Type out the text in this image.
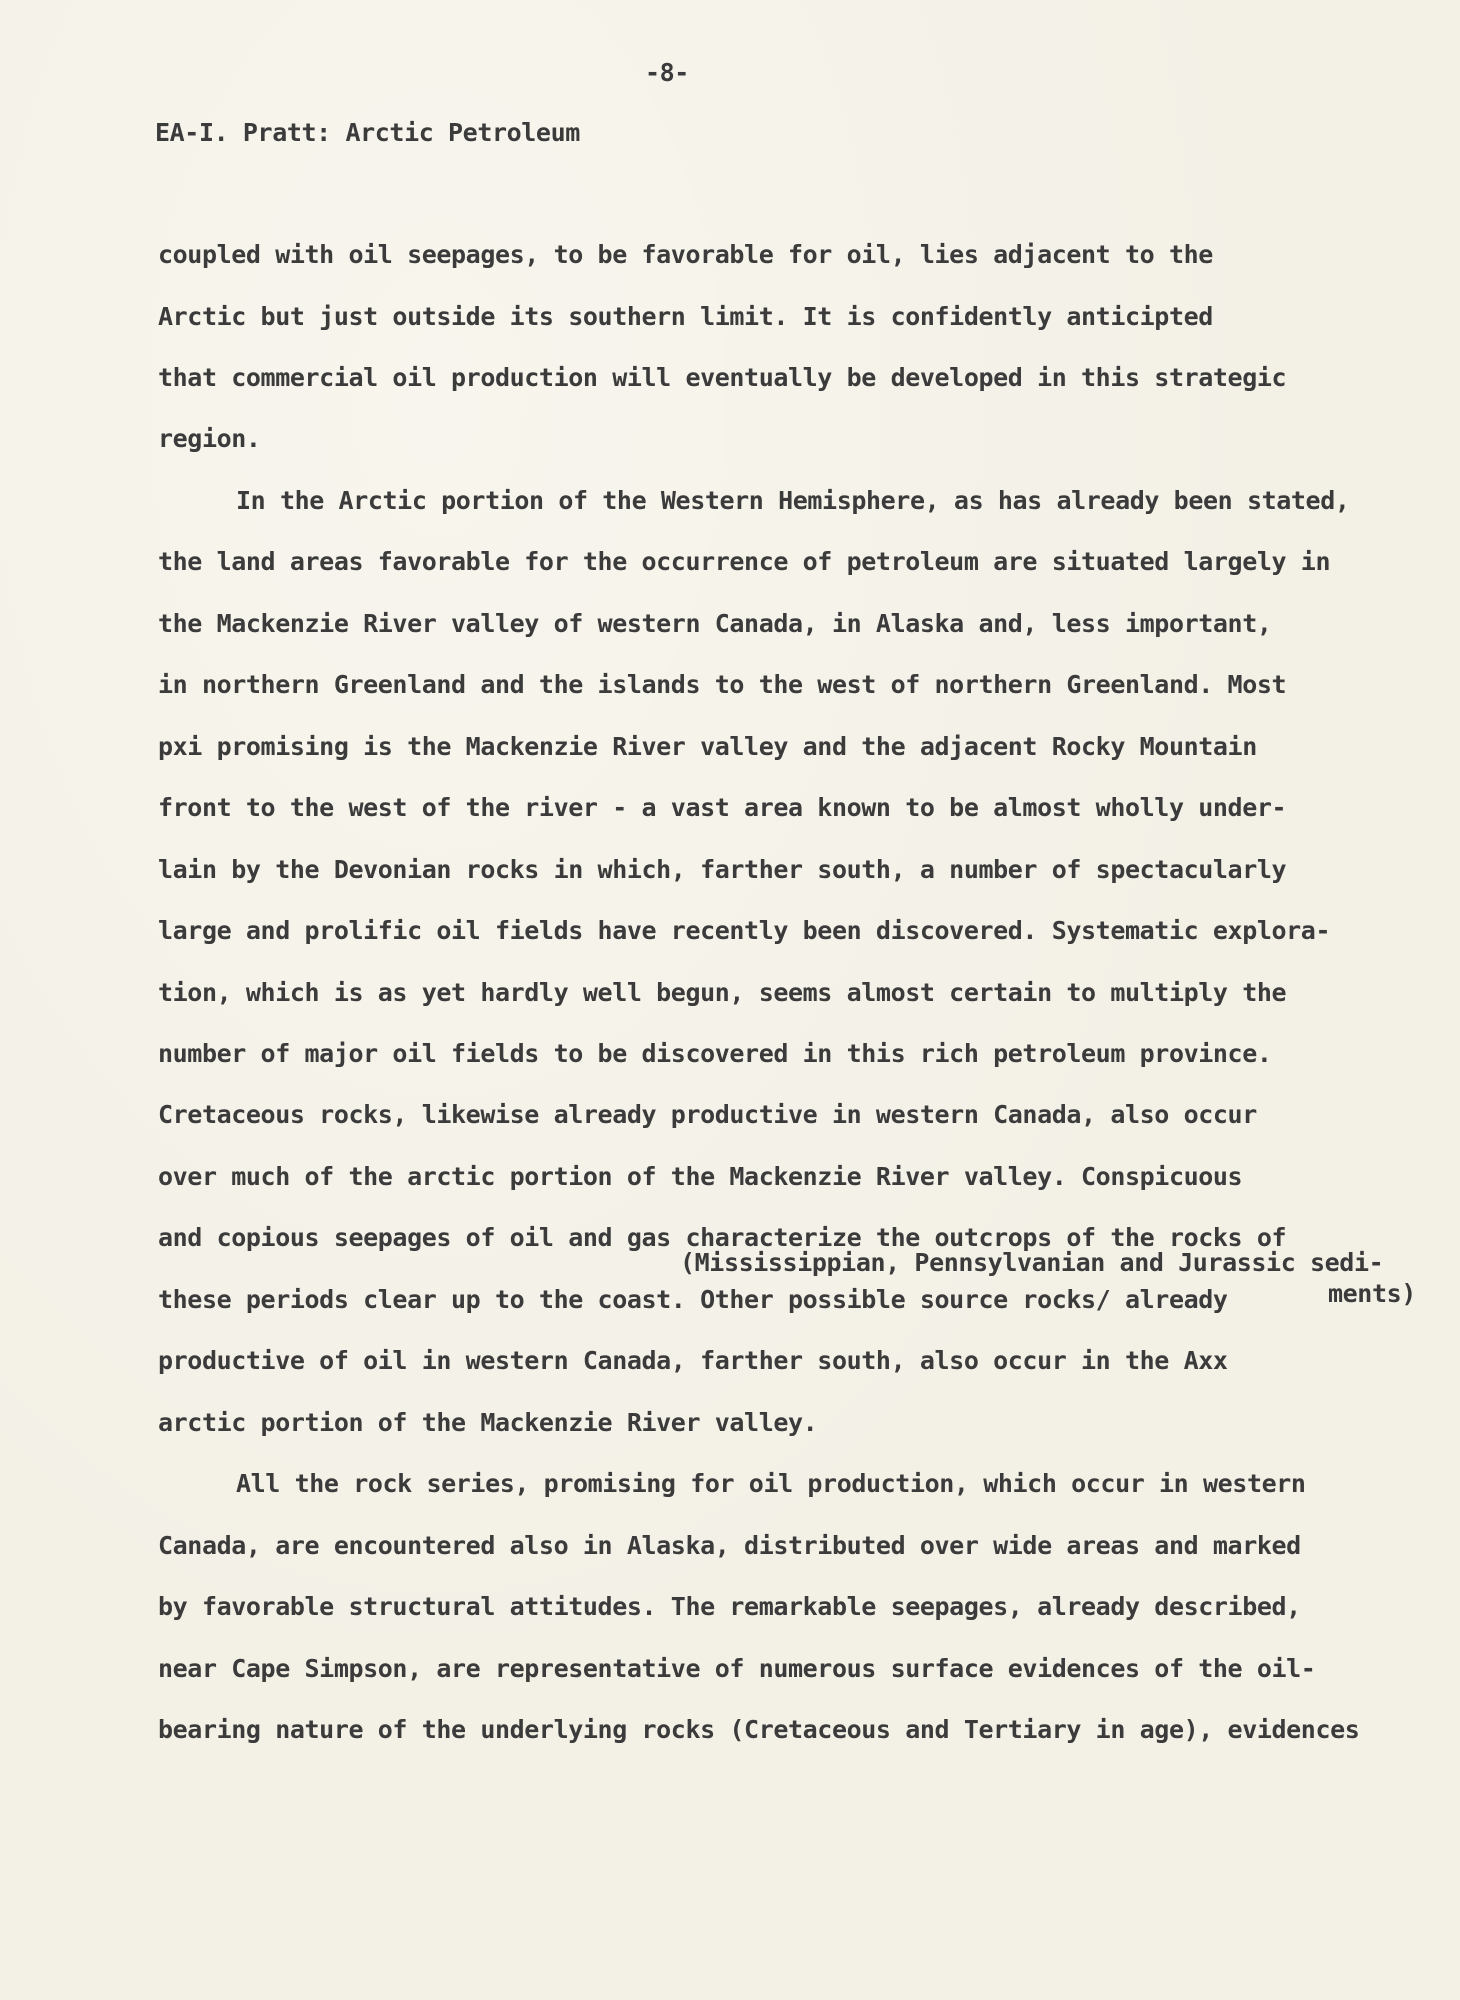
-8-
EA-I. Pratt: Arctic Petroleum
coupled with oil seepages, to be favorable for oil, lies adjacent to the
Arctic but just outside its southern limit. It is confidently anticipted
that commercial oil production will eventually be developed in this strategic
region.
In the Arctic portion of the Western Hemisphere, as has already been stated,
the land areas favorable for the occurrence of petroleum are situated largely in
the Mackenzie River valley of western Canada, in Alaska and, less important,
in northern Greenland and the islands to the west of northern Greenland. Most
pxi promising is the Mackenzie River valley and the adjacent Rocky Mountain
front to the west of the river - a vast area known to be almost wholly under-
lain by the Devonian rocks in which, farther south, a number of spectacularly
large and prolific oil fields have recently been discovered. Systematic explora-
tion, which is as yet hardly well begun, seems almost certain to multiply the
number of major oil fields to be discovered in this rich petroleum province.
Cretaceous rocks, likewise already productive in western Canada, also occur
over much of the arctic portion of the Mackenzie River valley. Conspicuous
and copious seepages of oil and gas characterize the outcrops of the rocks of
(Mississippian, Pennsylvanian and Jurassic sedi-
these periods clear up to the coast. Other possible source rocks/ already	ments)
productive of oil in western Canada, farther south, also occur in the Axx
arctic portion of the Mackenzie River valley.
All the rock series, promising for oil production, which occur in western
Canada, are encountered also in Alaska, distributed over wide areas and marked
by favorable structural attitudes. The remarkable seepages, already described,
near Cape Simpson, are representative of numerous surface evidences of the oil-
bearing nature of the underlying rocks (Cretaceous and Tertiary in age), evidences
